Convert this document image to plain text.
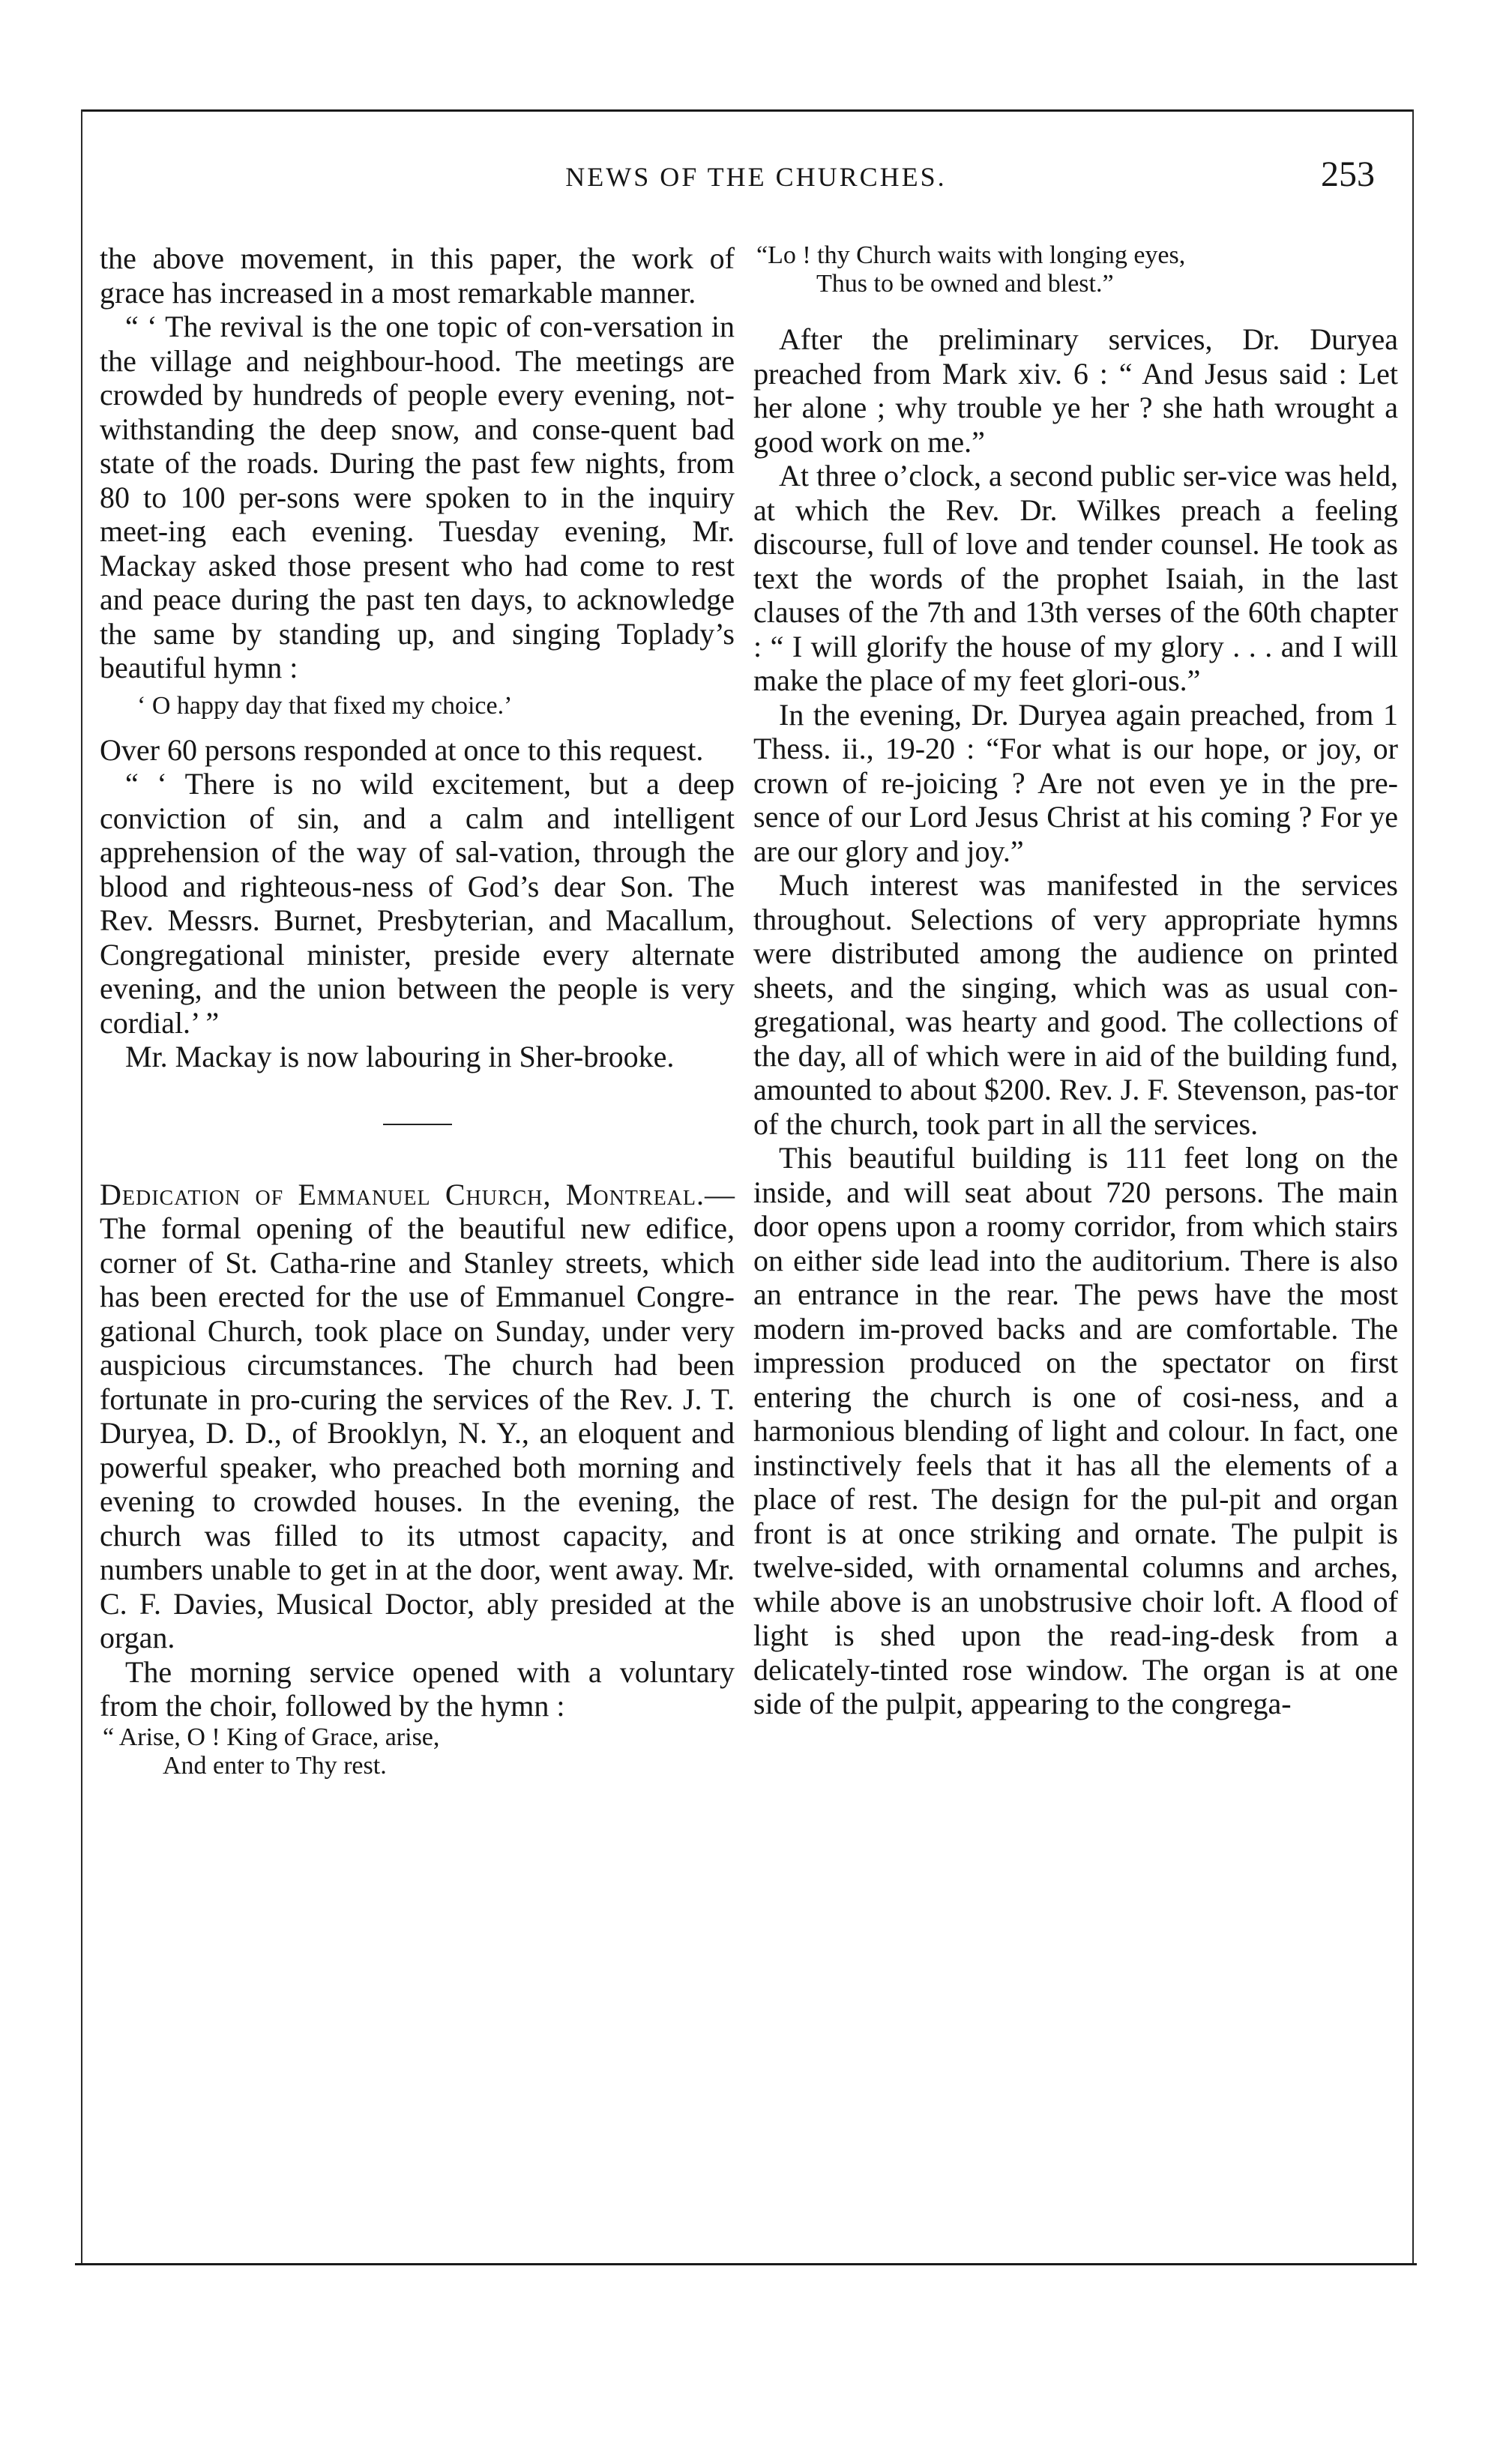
NEWS OF THE CHURCHES.	253

the above movement, in this paper, the work of grace has increased in a most remarkable manner.

“ ‘ The revival is the one topic of con-versation in the village and neighbour-hood. The meetings are crowded by hundreds of people every evening, not-withstanding the deep snow, and conse-quent bad state of the roads. During the past few nights, from 80 to 100 per-sons were spoken to in the inquiry meet-ing each evening. Tuesday evening, Mr. Mackay asked those present who had come to rest and peace during the past ten days, to acknowledge the same by standing up, and singing Toplady’s beautiful hymn :

‘ O happy day that fixed my choice.’

Over 60 persons responded at once to this request.

“ ‘ There is no wild excitement, but a deep conviction of sin, and a calm and intelligent apprehension of the way of sal-vation, through the blood and righteous-ness of God’s dear Son. The Rev. Messrs. Burnet, Presbyterian, and Macallum, Congregational minister, preside every alternate evening, and the union between the people is very cordial.’ ”

Mr. Mackay is now labouring in Sher-brooke.

Dedication of Emmanuel Church, Montreal.—The formal opening of the beautiful new edifice, corner of St. Catha-rine and Stanley streets, which has been erected for the use of Emmanuel Congre-gational Church, took place on Sunday, under very auspicious circumstances. The church had been fortunate in pro-curing the services of the Rev. J. T. Duryea, D. D., of Brooklyn, N. Y., an eloquent and powerful speaker, who preached both morning and evening to crowded houses. In the evening, the church was filled to its utmost capacity, and numbers unable to get in at the door, went away. Mr. C. F. Davies, Musical Doctor, ably presided at the organ.

The morning service opened with a voluntary from the choir, followed by the hymn :

“ Arise, O ! King of Grace, arise,

And enter to Thy rest.

“Lo ! thy Church waits with longing eyes,

Thus to be owned and blest.”

After the preliminary services, Dr. Duryea preached from Mark xiv. 6 : “ And Jesus said : Let her alone ; why trouble ye her ? she hath wrought a good work on me.”

At three o’clock, a second public ser-vice was held, at which the Rev. Dr. Wilkes preach a feeling discourse, full of love and tender counsel. He took as text the words of the prophet Isaiah, in the last clauses of the 7th and 13th verses of the 60th chapter : “ I will glorify the house of my glory . . . and I will make the place of my feet glori-ous.”

In the evening, Dr. Duryea again preached, from 1 Thess. ii., 19-20 : “For what is our hope, or joy, or crown of re-joicing ? Are not even ye in the pre-sence of our Lord Jesus Christ at his coming ? For ye are our glory and joy.”

Much interest was manifested in the services throughout. Selections of very appropriate hymns were distributed among the audience on printed sheets, and the singing, which was as usual con-gregational, was hearty and good. The collections of the day, all of which were in aid of the building fund, amounted to about $200. Rev. J. F. Stevenson, pas-tor of the church, took part in all the services.

This beautiful building is 111 feet long on the inside, and will seat about 720 persons. The main door opens upon a roomy corridor, from which stairs on either side lead into the auditorium. There is also an entrance in the rear. The pews have the most modern im-proved backs and are comfortable. The impression produced on the spectator on first entering the church is one of cosi-ness, and a harmonious blending of light and colour. In fact, one instinctively feels that it has all the elements of a place of rest. The design for the pul-pit and organ front is at once striking and ornate. The pulpit is twelve-sided, with ornamental columns and arches, while above is an unobstrusive choir loft. A flood of light is shed upon the read-ing-desk from a delicately-tinted rose window. The organ is at one side of the pulpit, appearing to the congrega-
